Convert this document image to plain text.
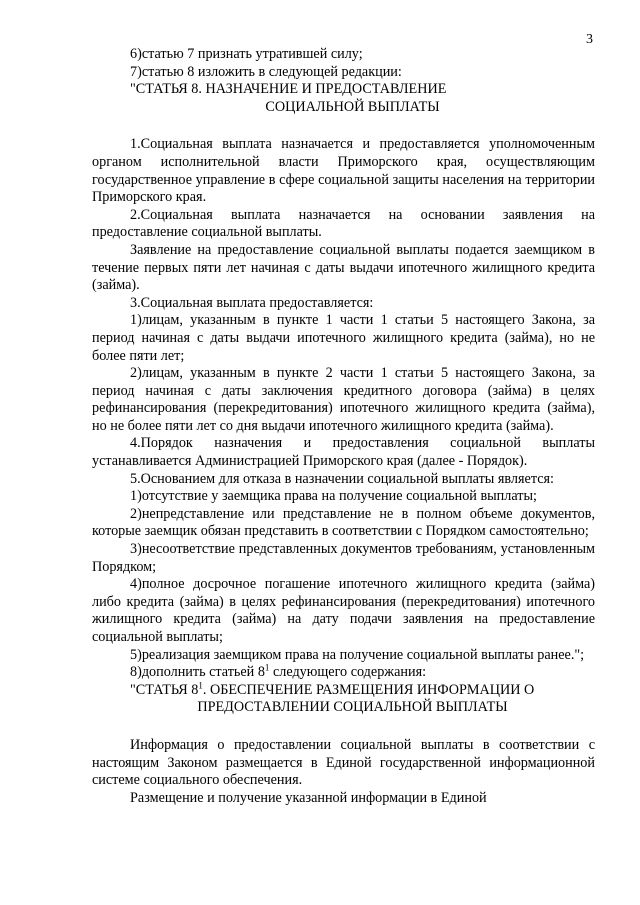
3

6)статью 7 признать утратившей силу;

7)статью 8 изложить в следующей редакции:

"СТАТЬЯ 8. НАЗНАЧЕНИЕ И ПРЕДОСТАВЛЕНИЕ
СОЦИАЛЬНОЙ ВЫПЛАТЫ

1.Социальная выплата назначается и предоставляется уполномоченным органом исполнительной власти Приморского края, осуществляющим государственное управление в сфере социальной защиты населения на территории Приморского края.

2.Социальная выплата назначается на основании заявления на предоставление социальной выплаты.

Заявление на предоставление социальной выплаты подается заемщиком в течение первых пяти лет начиная с даты выдачи ипотечного жилищного кредита (займа).

3.Социальная выплата предоставляется:

1)лицам, указанным в пункте 1 части 1 статьи 5 настоящего Закона, за период начиная с даты выдачи ипотечного жилищного кредита (займа), но не более пяти лет;

2)лицам, указанным в пункте 2 части 1 статьи 5 настоящего Закона, за период начиная с даты заключения кредитного договора (займа) в целях рефинансирования (перекредитования) ипотечного жилищного кредита (займа), но не более пяти лет со дня выдачи ипотечного жилищного кредита (займа).

4.Порядок назначения и предоставления социальной выплаты устанавливается Администрацией Приморского края (далее - Порядок).

5.Основанием для отказа в назначении социальной выплаты является:

1)отсутствие у заемщика права на получение социальной выплаты;

2)непредставление или представление не в полном объеме документов, которые заемщик обязан представить в соответствии с Порядком самостоятельно;

3)несоответствие представленных документов требованиям, установленным Порядком;

4)полное досрочное погашение ипотечного жилищного кредита (займа) либо кредита (займа) в целях рефинансирования (перекредитования) ипотечного жилищного кредита (займа) на дату подачи заявления на предоставление социальной выплаты;

5)реализация заемщиком права на получение социальной выплаты ранее.";

8)дополнить статьей $8^1$ следующего содержания:

"СТАТЬЯ $8^1$. ОБЕСПЕЧЕНИЕ РАЗМЕЩЕНИЯ ИНФОРМАЦИИ О
ПРЕДОСТАВЛЕНИИ СОЦИАЛЬНОЙ ВЫПЛАТЫ

Информация о предоставлении социальной выплаты в соответствии с настоящим Законом размещается в Единой государственной информационной системе социального обеспечения.

Размещение и получение указанной информации в Единой
